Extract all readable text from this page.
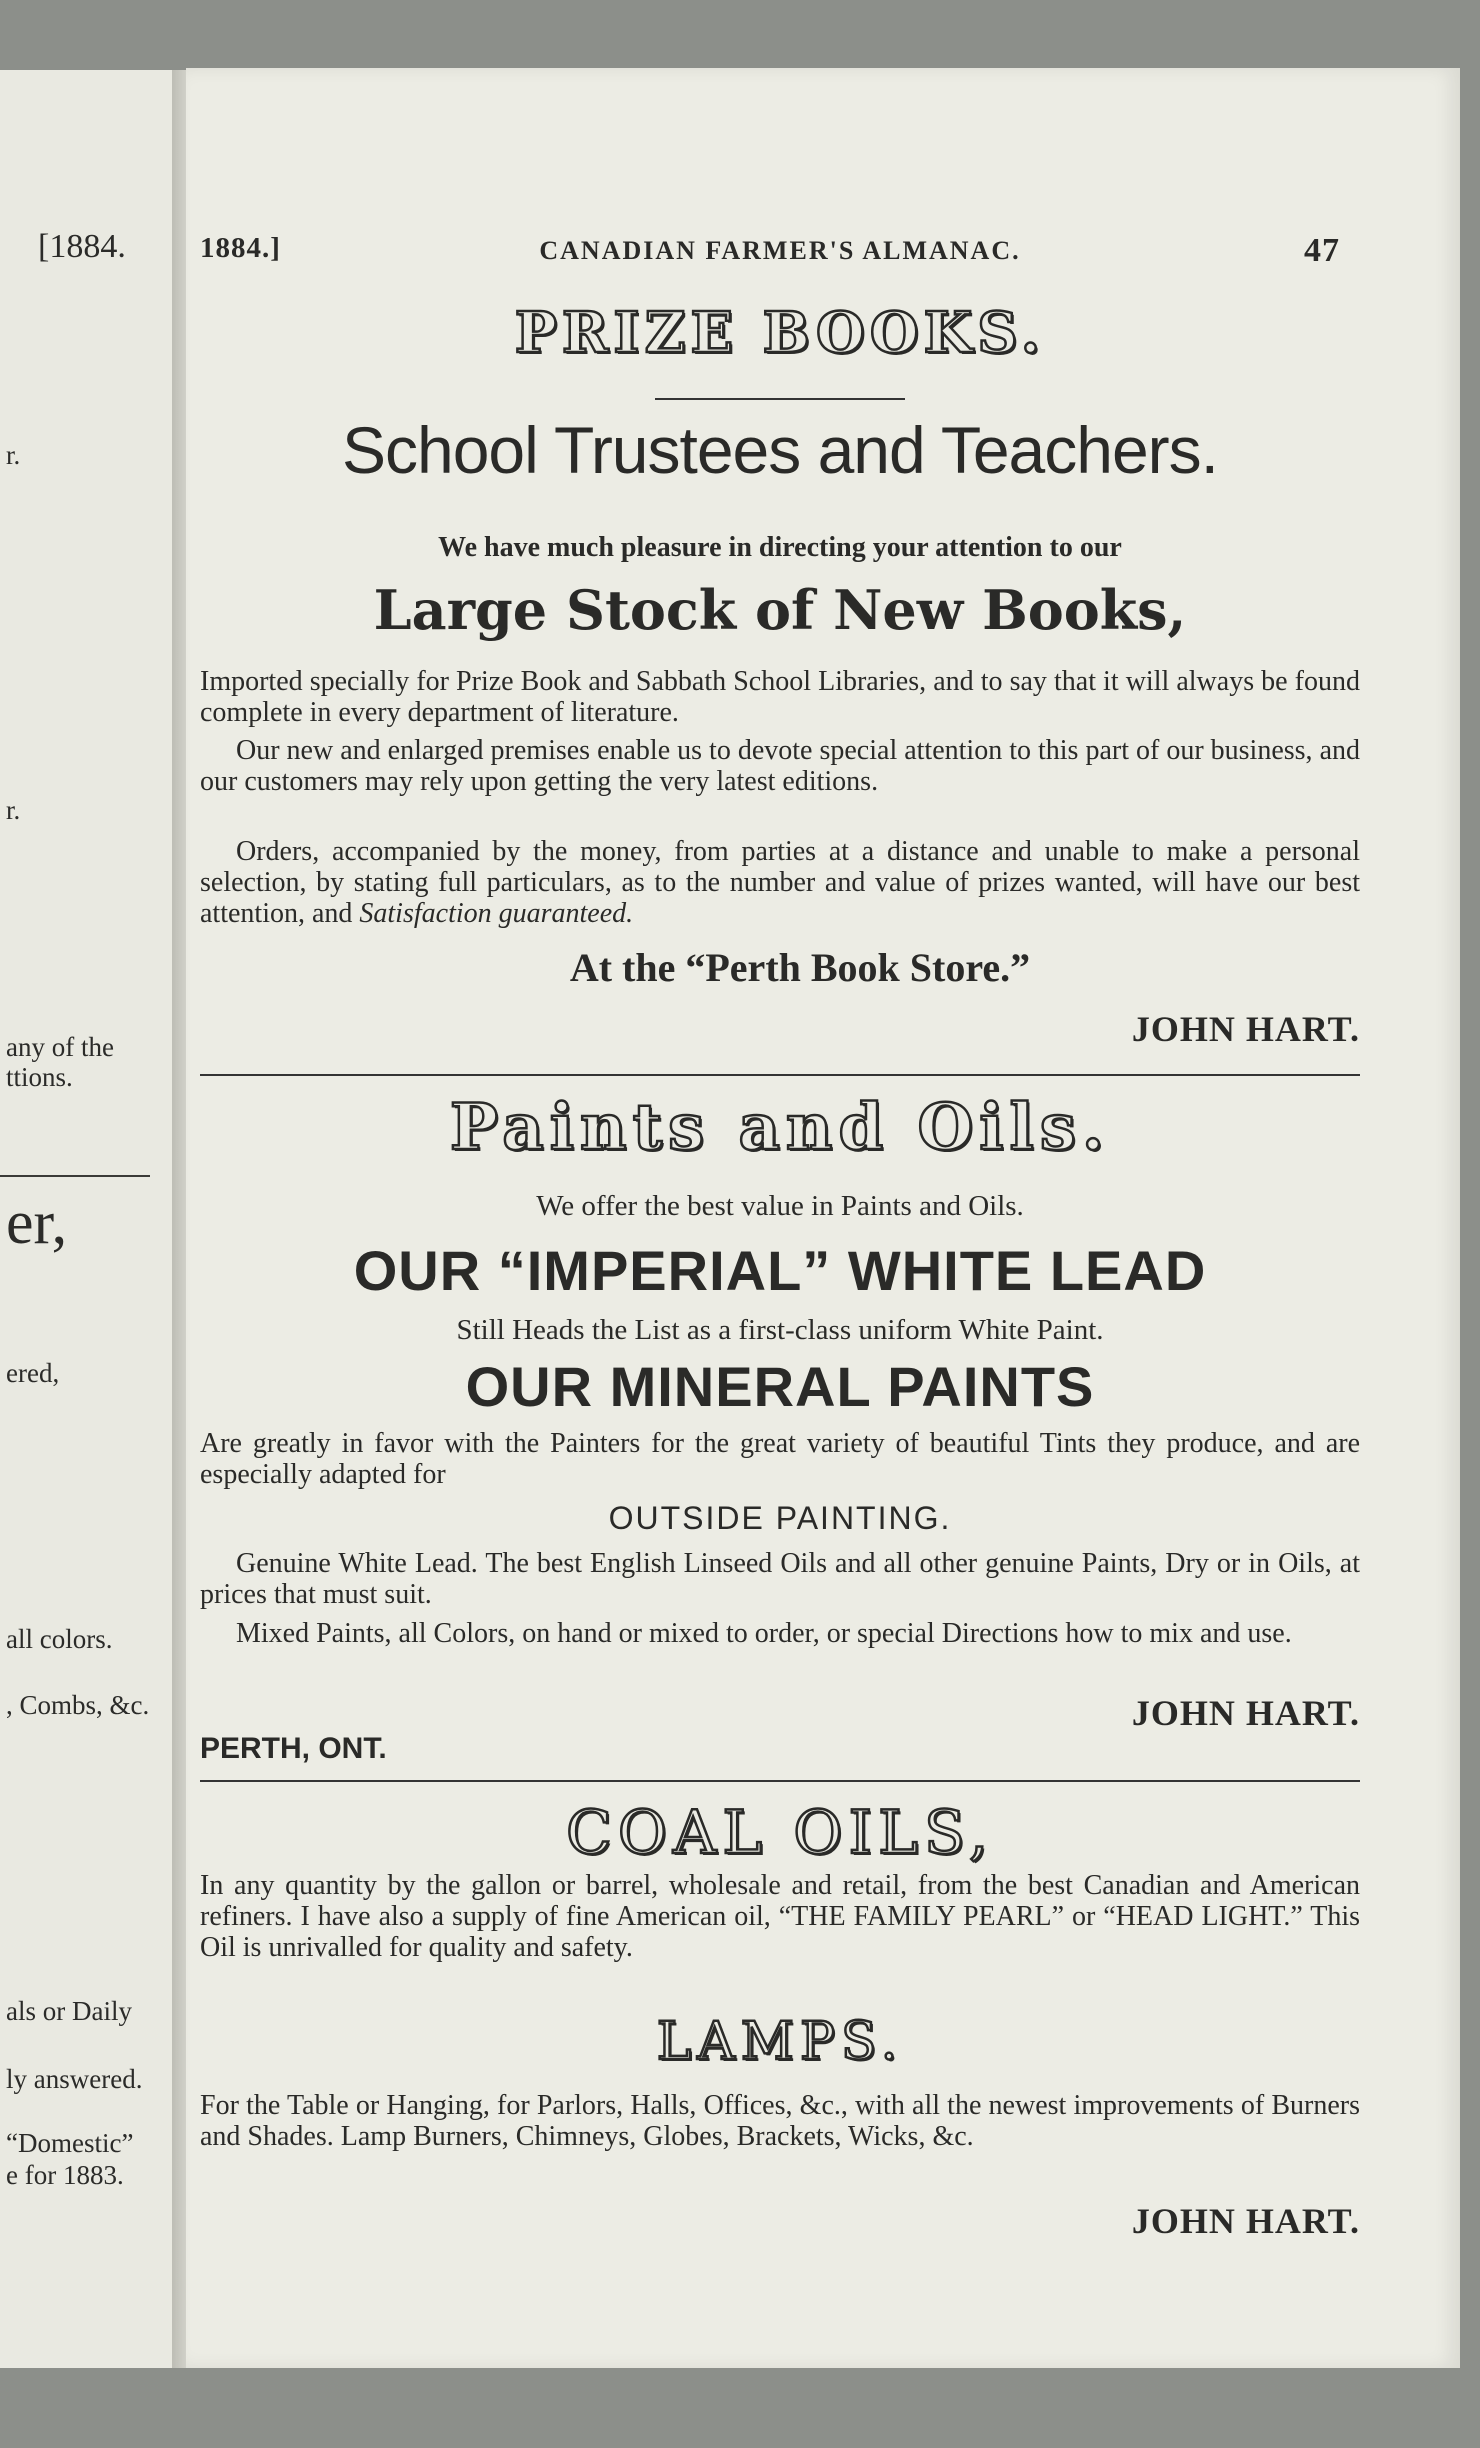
[1884.
r.
r.
any of the
ttions.
er,
ered,
all colors.
, Combs, &c.
als or Daily
ly answered.
“Domestic”
e for 1883.
1884.]	CANADIAN FARMER'S ALMANAC.	47
PRIZE BOOKS.
School Trustees and Teachers.
We have much pleasure in directing your attention to our
Large Stock of New Books,
Imported specially for Prize Book and Sabbath School Libraries, and to say that it will always be found complete in every department of literature.
Our new and enlarged premises enable us to devote special attention to this part of our business, and our customers may rely upon getting the very latest editions.
Orders, accompanied by the money, from parties at a distance and unable to make a personal selection, by stating full particulars, as to the number and value of prizes wanted, will have our best attention, and Satisfaction guaranteed.
At the “Perth Book Store.”
JOHN HART.
Paints and Oils.
We offer the best value in Paints and Oils.
OUR “IMPERIAL” WHITE LEAD
Still Heads the List as a first-class uniform White Paint.
OUR MINERAL PAINTS
Are greatly in favor with the Painters for the great variety of beautiful Tints they produce, and are especially adapted for
OUTSIDE PAINTING.
Genuine White Lead. The best English Linseed Oils and all other genuine Paints, Dry or in Oils, at prices that must suit.
Mixed Paints, all Colors, on hand or mixed to order, or special Directions how to mix and use.
JOHN HART.
PERTH, ONT.
COAL OILS,
In any quantity by the gallon or barrel, wholesale and retail, from the best Canadian and American refiners. I have also a supply of fine American oil, “THE FAMILY PEARL” or “HEAD LIGHT.” This Oil is unrivalled for quality and safety.
LAMPS.
For the Table or Hanging, for Parlors, Halls, Offices, &c., with all the newest improvements of Burners and Shades. Lamp Burners, Chimneys, Globes, Brackets, Wicks, &c.
JOHN HART.
